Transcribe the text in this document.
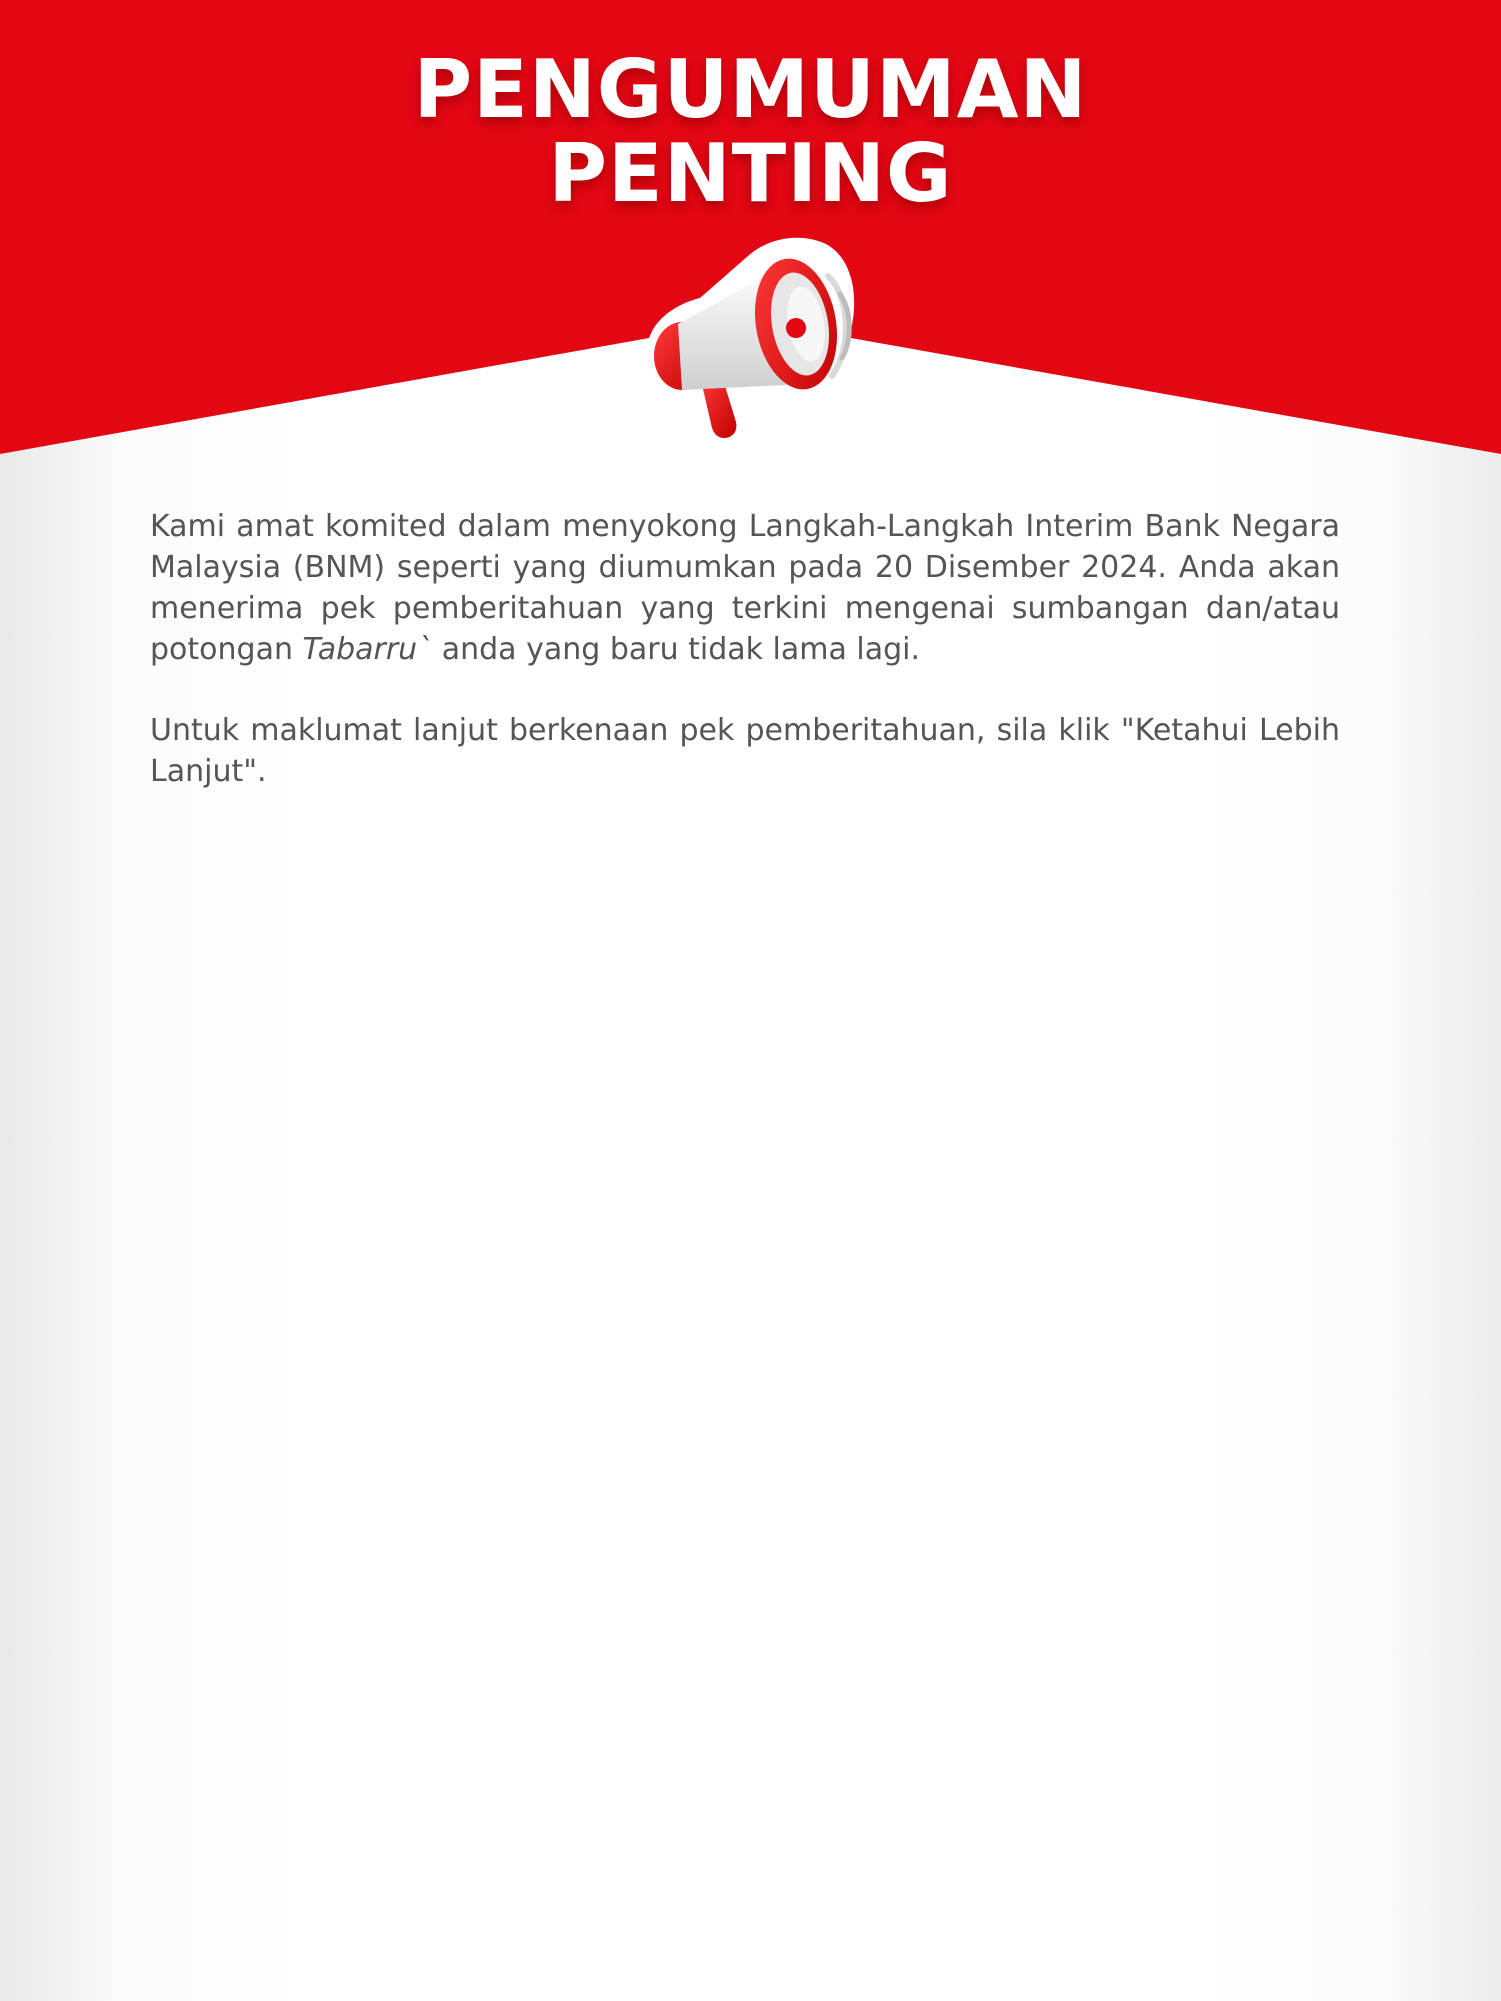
PENGUMUMAN
PENTING

Kami amat komited dalam menyokong Langkah-Langkah Interim Bank Negara Malaysia (BNM) seperti yang diumumkan pada 20 Disember 2024. Anda akan menerima pek pemberitahuan yang terkini mengenai sumbangan dan/atau potongan Tabarru` anda yang baru tidak lama lagi.

Untuk maklumat lanjut berkenaan pek pemberitahuan, sila klik "Ketahui Lebih Lanjut".
